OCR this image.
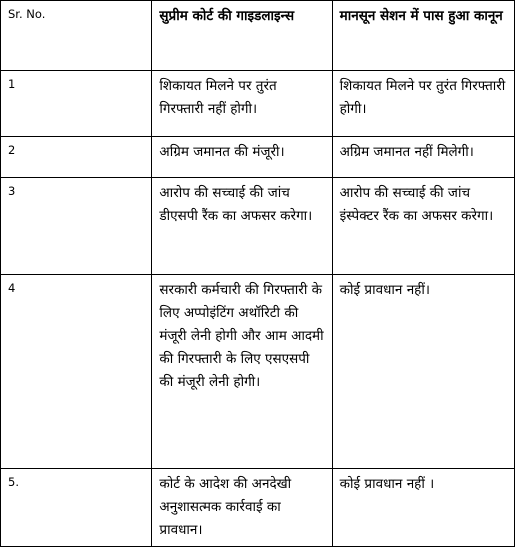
Sr. No.	सुप्रीम कोर्ट की गाइडलाइन्स	मानसून सेशन में पास हुआ कानून
1	शिकायत मिलने पर तुरंत गिरफ्तारी नहीं होगी।	शिकायत मिलने पर तुरंत गिरफ्तारी होगी।
2	अग्रिम जमानत की मंजूरी।	अग्रिम जमानत नहीं मिलेगी।
3	आरोप की सच्चाई की जांच डीएसपी रैंक का अफसर करेगा।	आरोप की सच्चाई की जांच इंस्पेक्टर रैंक का अफसर करेगा।
4	सरकारी कर्मचारी की गिरफ्तारी के लिए अप्पोइंटिंग अथॉरिटी की मंजूरी लेनी होगी और आम आदमी की गिरफ्तारी के लिए एसएसपी की मंजूरी लेनी होगी।	कोई प्रावधान नहीं।
5.	कोर्ट के आदेश की अनदेखी अनुशासत्मक कार्रवाई का प्रावधान।	कोई प्रावधान नहीं ।
